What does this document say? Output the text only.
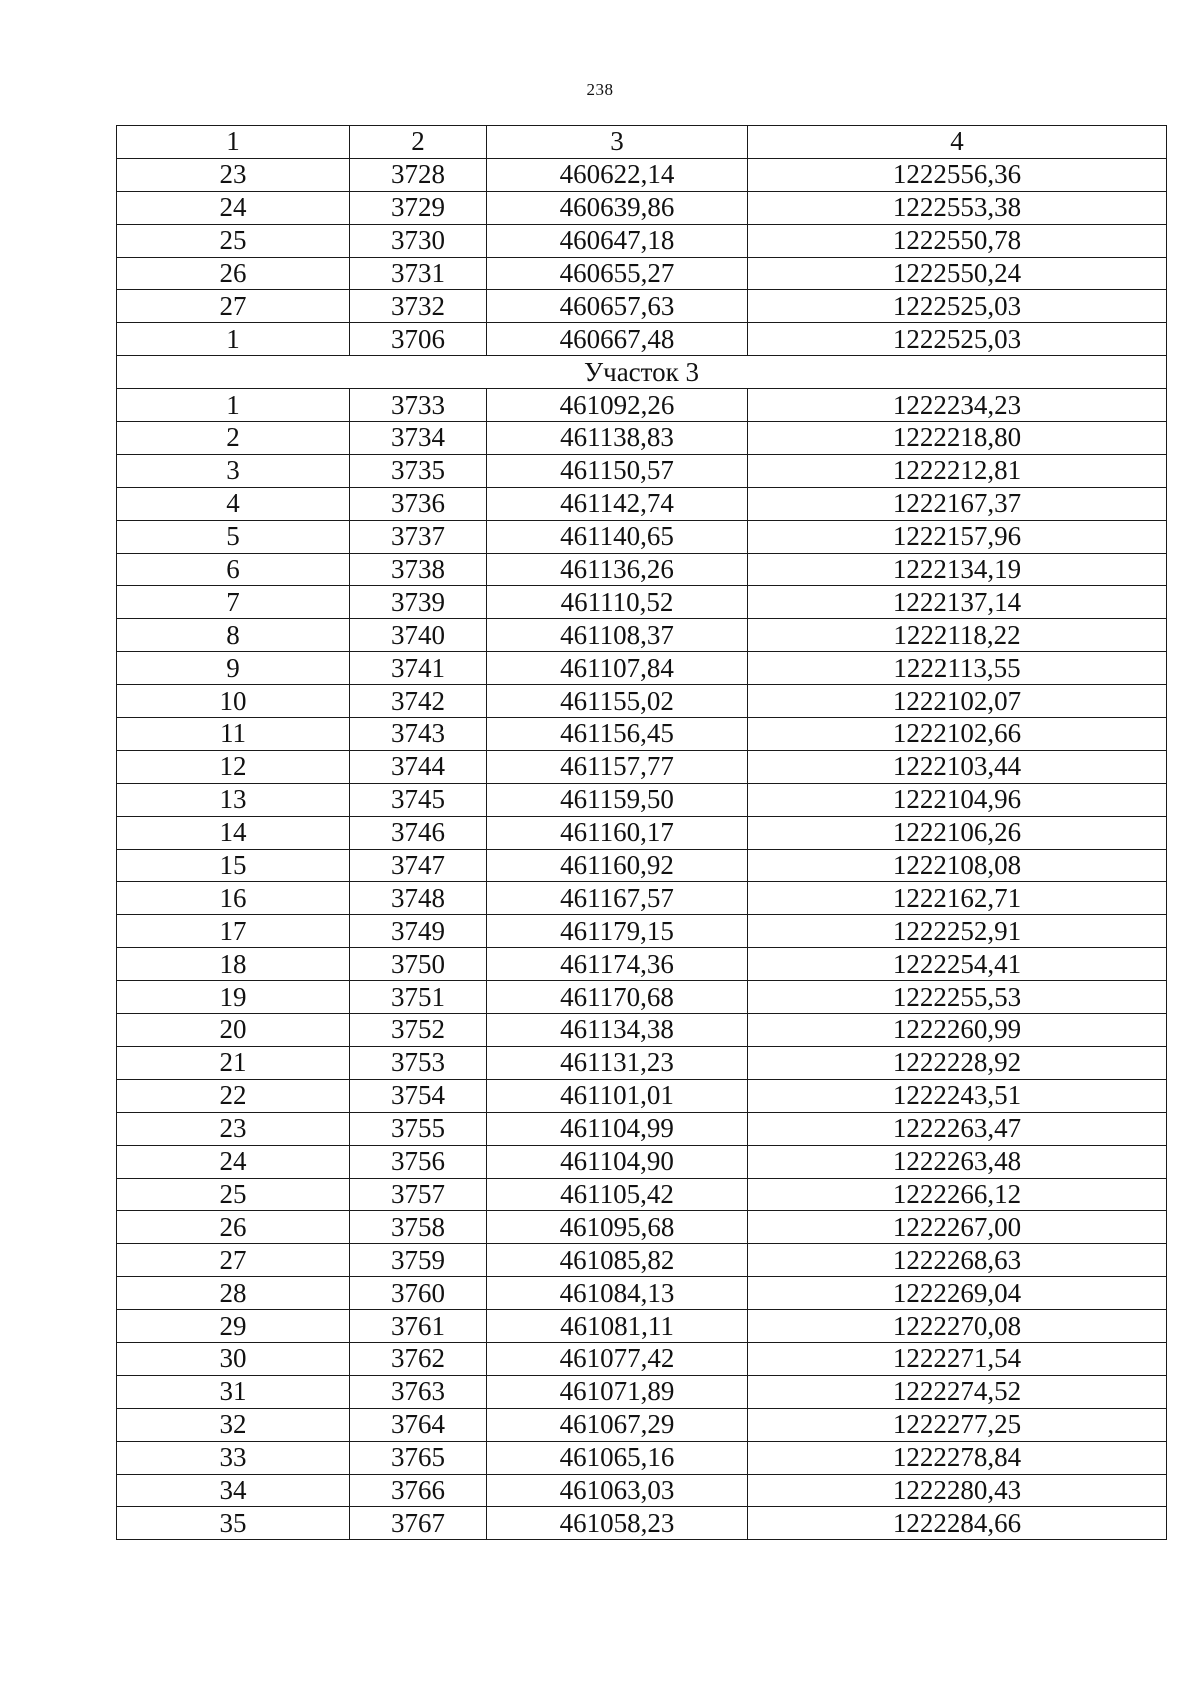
238
1	2	3	4
23	3728	460622,14	1222556,36
24	3729	460639,86	1222553,38
25	3730	460647,18	1222550,78
26	3731	460655,27	1222550,24
27	3732	460657,63	1222525,03
1	3706	460667,48	1222525,03
Участок 3			
1	3733	461092,26	1222234,23
2	3734	461138,83	1222218,80
3	3735	461150,57	1222212,81
4	3736	461142,74	1222167,37
5	3737	461140,65	1222157,96
6	3738	461136,26	1222134,19
7	3739	461110,52	1222137,14
8	3740	461108,37	1222118,22
9	3741	461107,84	1222113,55
10	3742	461155,02	1222102,07
11	3743	461156,45	1222102,66
12	3744	461157,77	1222103,44
13	3745	461159,50	1222104,96
14	3746	461160,17	1222106,26
15	3747	461160,92	1222108,08
16	3748	461167,57	1222162,71
17	3749	461179,15	1222252,91
18	3750	461174,36	1222254,41
19	3751	461170,68	1222255,53
20	3752	461134,38	1222260,99
21	3753	461131,23	1222228,92
22	3754	461101,01	1222243,51
23	3755	461104,99	1222263,47
24	3756	461104,90	1222263,48
25	3757	461105,42	1222266,12
26	3758	461095,68	1222267,00
27	3759	461085,82	1222268,63
28	3760	461084,13	1222269,04
29	3761	461081,11	1222270,08
30	3762	461077,42	1222271,54
31	3763	461071,89	1222274,52
32	3764	461067,29	1222277,25
33	3765	461065,16	1222278,84
34	3766	461063,03	1222280,43
35	3767	461058,23	1222284,66
